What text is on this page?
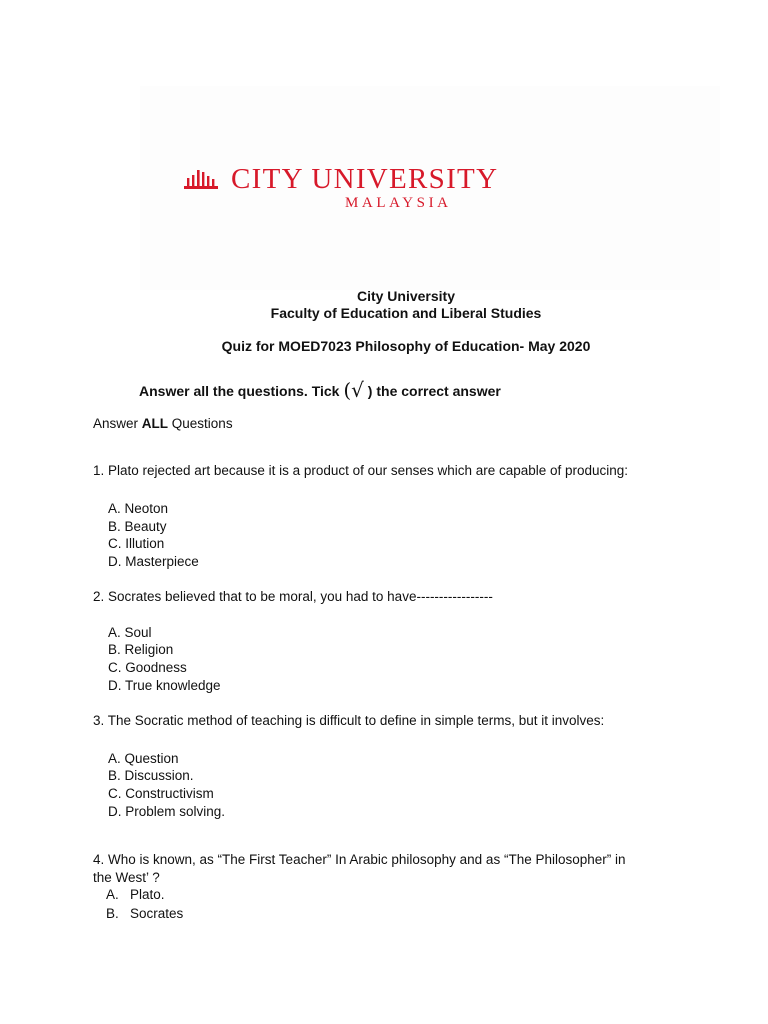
CITY UNIVERSITY
MALAYSIA
City University
Faculty of Education and Liberal Studies
Quiz for MOED7023 Philosophy of Education- May 2020
Answer all the questions. Tick (√ ) the correct answer
Answer ALL Questions
1. Plato rejected art because it is a product of our senses which are capable of producing:
A. Neoton
B. Beauty
C. Illution
D. Masterpiece
2. Socrates believed that to be moral, you had to have-----------------
A. Soul
B. Religion
C. Goodness
D. True knowledge
3. The Socratic method of teaching is difficult to define in simple terms, but it involves:
A. Question
B. Discussion.
C. Constructivism
D. Problem solving.
4. Who is known, as “The First Teacher” In Arabic philosophy and as “The Philosopher” in
the West’ ?
A.   Plato.
B.   Socrates
